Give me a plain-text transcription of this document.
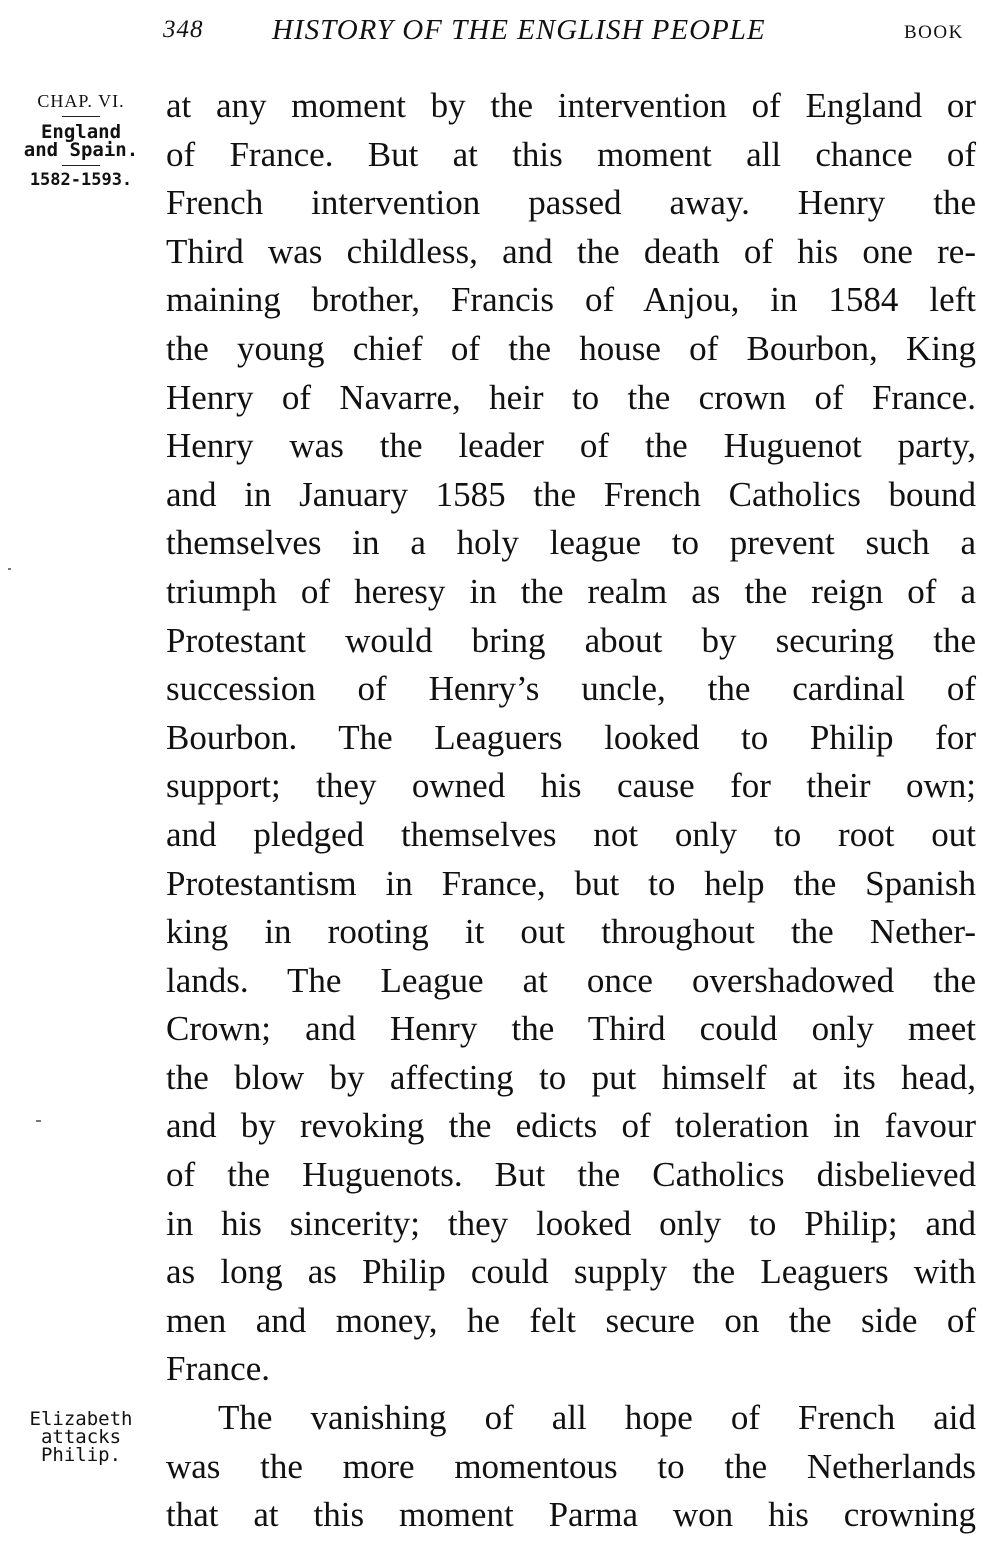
348 HISTORY OF THE ENGLISH PEOPLE	BOOK
CHAP. VI.
England
and Spain.
1582-1593.
Elizabeth
attacks
Philip.
at any moment by the intervention of England or
of France. But at this moment all chance of
French intervention passed away. Henry the
Third was childless, and the death of his one re-
maining brother, Francis of Anjou, in 1584 left
the young chief of the house of Bourbon, King
Henry of Navarre, heir to the crown of France.
Henry was the leader of the Huguenot party,
and in January 1585 the French Catholics bound
themselves in a holy league to prevent such a
triumph of heresy in the realm as the reign of a
Protestant would bring about by securing the
succession of Henry’s uncle, the cardinal of
Bourbon. The Leaguers looked to Philip for
support; they owned his cause for their own;
and pledged themselves not only to root out
Protestantism in France, but to help the Spanish
king in rooting it out throughout the Nether-
lands. The League at once overshadowed the
Crown; and Henry the Third could only meet
the blow by affecting to put himself at its head,
and by revoking the edicts of toleration in favour
of the Huguenots. But the Catholics disbelieved
in his sincerity; they looked only to Philip; and
as long as Philip could supply the Leaguers with
men and money, he felt secure on the side of
France.
The vanishing of all hope of French aid
was the more momentous to the Netherlands
that at this moment Parma won his crowning
